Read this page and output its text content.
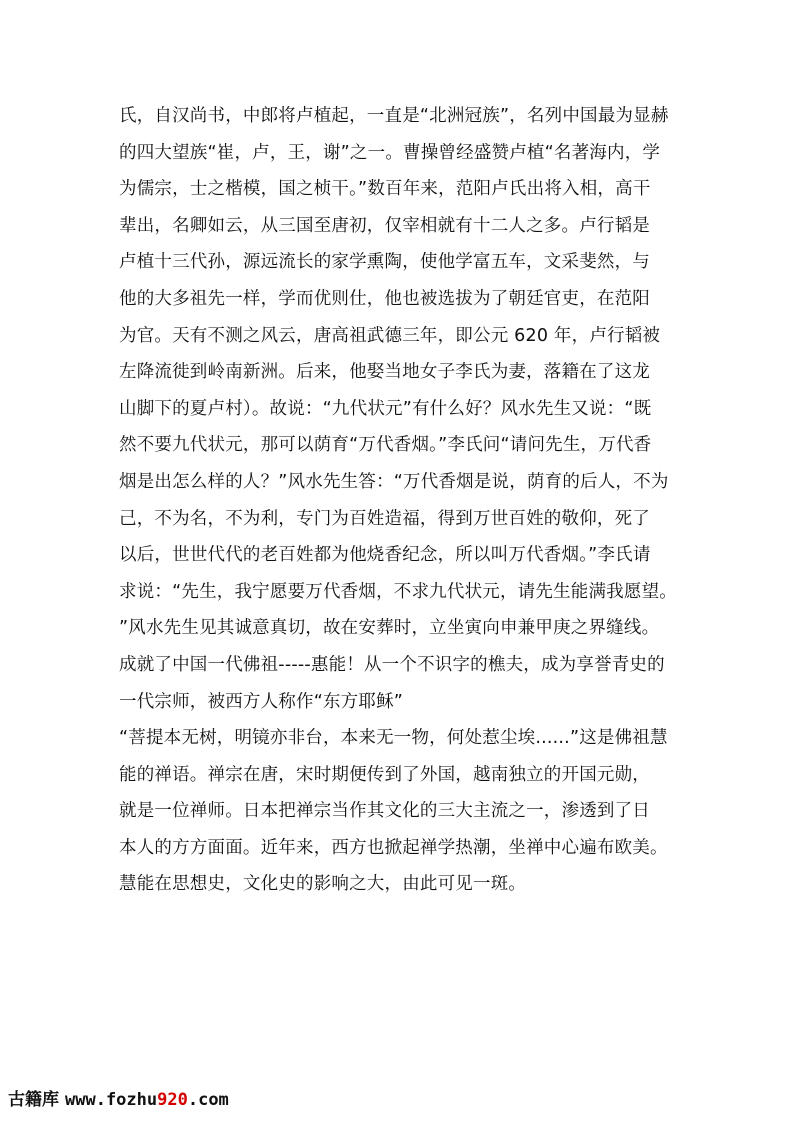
氏，自汉尚书，中郎将卢植起，一直是“北洲冠族”，名列中国最为显赫
的四大望族“崔，卢，王，谢”之一。曹操曾经盛赞卢植“名著海内，学
为儒宗，士之楷模，国之桢干。”数百年来，范阳卢氏出将入相，高干
辈出，名卿如云，从三国至唐初，仅宰相就有十二人之多。卢行韬是
卢植十三代孙，源远流长的家学熏陶，使他学富五车，文采斐然，与
他的大多祖先一样，学而优则仕，他也被选拔为了朝廷官吏，在范阳
为官。天有不测之风云，唐高祖武德三年，即公元 620 年，卢行韬被
左降流徙到岭南新洲。后来，他娶当地女子李氏为妻，落籍在了这龙
山脚下的夏卢村）。故说：“九代状元”有什么好？风水先生又说：“既
然不要九代状元，那可以荫育“万代香烟。”李氏问“请问先生，万代香
烟是出怎么样的人？”风水先生答：“万代香烟是说，荫育的后人，不为
己，不为名，不为利，专门为百姓造福，得到万世百姓的敬仰，死了
以后，世世代代的老百姓都为他烧香纪念，所以叫万代香烟。”李氏请
求说：“先生，我宁愿要万代香烟，不求九代状元，请先生能满我愿望。
”风水先生见其诚意真切，故在安葬时，立坐寅向申兼甲庚之界缝线。
成就了中国一代佛祖-----惠能！从一个不识字的樵夫，成为享誉青史的
一代宗师，被西方人称作“东方耶稣”
“菩提本无树，明镜亦非台，本来无一物，何处惹尘埃......”这是佛祖慧
能的禅语。禅宗在唐，宋时期便传到了外国，越南独立的开国元勋，
就是一位禅师。日本把禅宗当作其文化的三大主流之一，渗透到了日
本人的方方面面。近年来，西方也掀起禅学热潮，坐禅中心遍布欧美。
慧能在思想史，文化史的影响之大，由此可见一斑。
古籍库 www.fozhu920.com
